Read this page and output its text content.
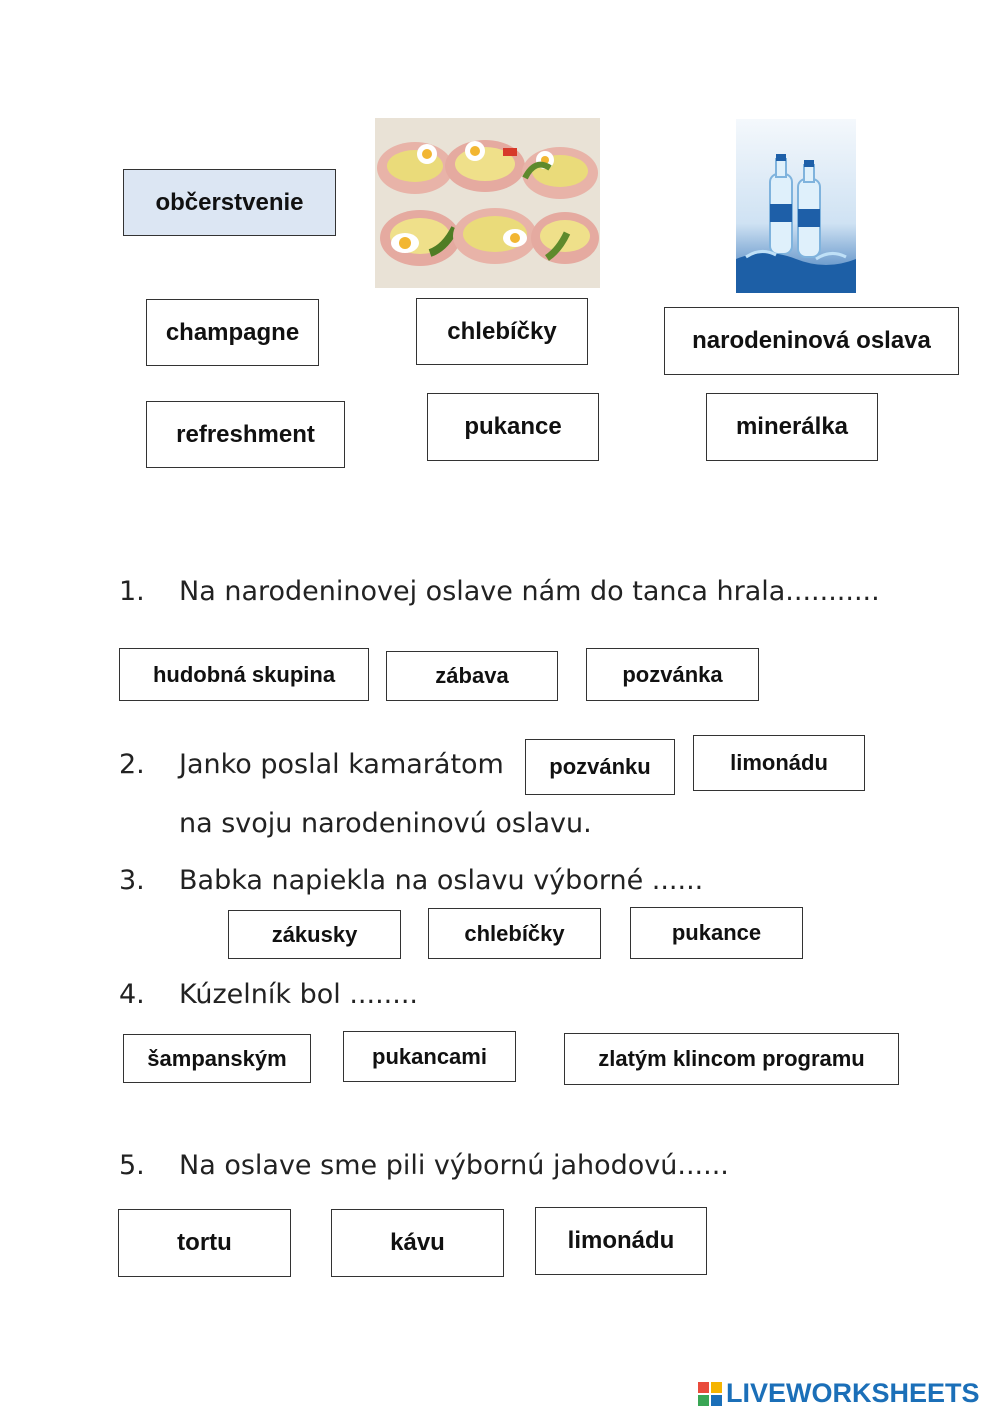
občerstvenie
champagne	chlebíčky	narodeninová oslava
refreshment	pukance	minerálka
1. Na narodeninovej oslave nám do tanca hrala...........
hudobná skupina	zábava	pozvánka
2. Janko poslal kamarátom pozvánku	limonádu
na svoju narodeninovú oslavu.
3. Babka napiekla na oslavu výborné ......
zákusky	chlebíčky	pukance
4. Kúzelník bol ........
šampanským	pukancami	zlatým klincom programu
5. Na oslave sme pili výbornú jahodovú......
tortu	kávu	limonádu
LIVEWORKSHEETS
